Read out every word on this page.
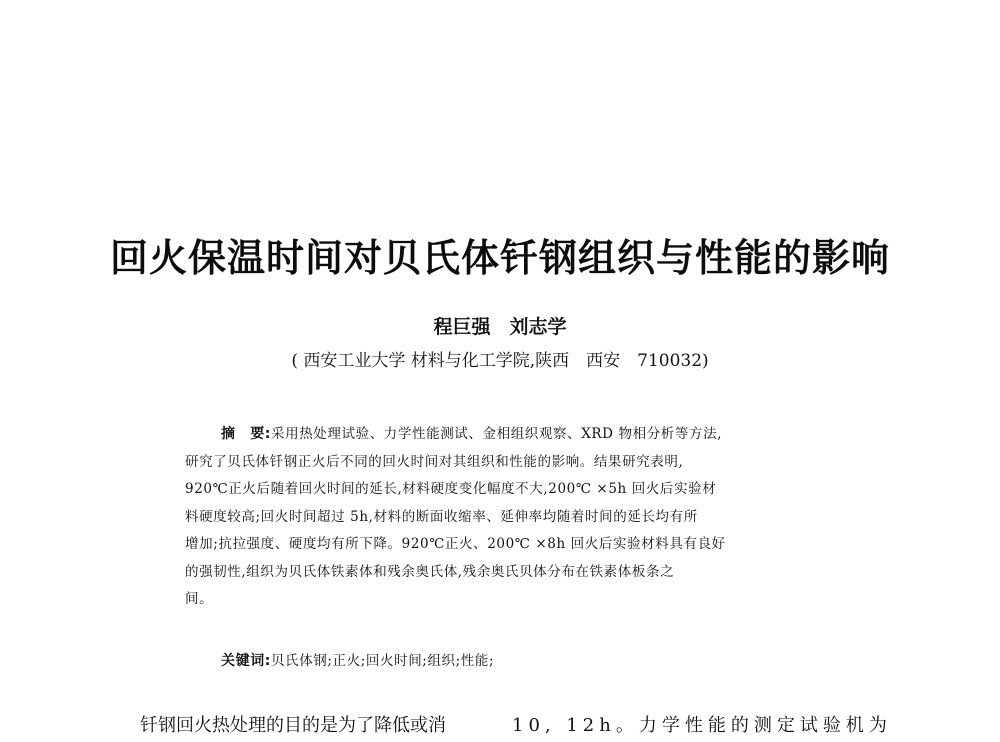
回火保温时间对贝氏体钎钢组织与性能的影响
程巨强　刘志学
( 西安工业大学 材料与化工学院,陕西　西安　710032)
摘　要:采用热处理试验、力学性能测试、金相组织观察、XRD 物相分析等方法,
研究了贝氏体钎钢正火后不同的回火时间对其组织和性能的影响。结果研究表明,
920℃正火后随着回火时间的延长,材料硬度变化幅度不大,200℃ ×5h 回火后实验材
料硬度较高;回火时间超过 5h,材料的断面收缩率、延伸率均随着时间的延长均有所
增加;抗拉强度、硬度均有所下降。920℃正火、200℃ ×8h 回火后实验材料具有良好
的强韧性,组织为贝氏体铁素体和残余奥氏体,残余奥氏贝体分布在铁素体板条之
间。
关键词:贝氏体钢;正火;回火时间;组织;性能;
钎钢回火热处理的目的是为了降低或消	10, 12h。力学性能的测定试验机为
